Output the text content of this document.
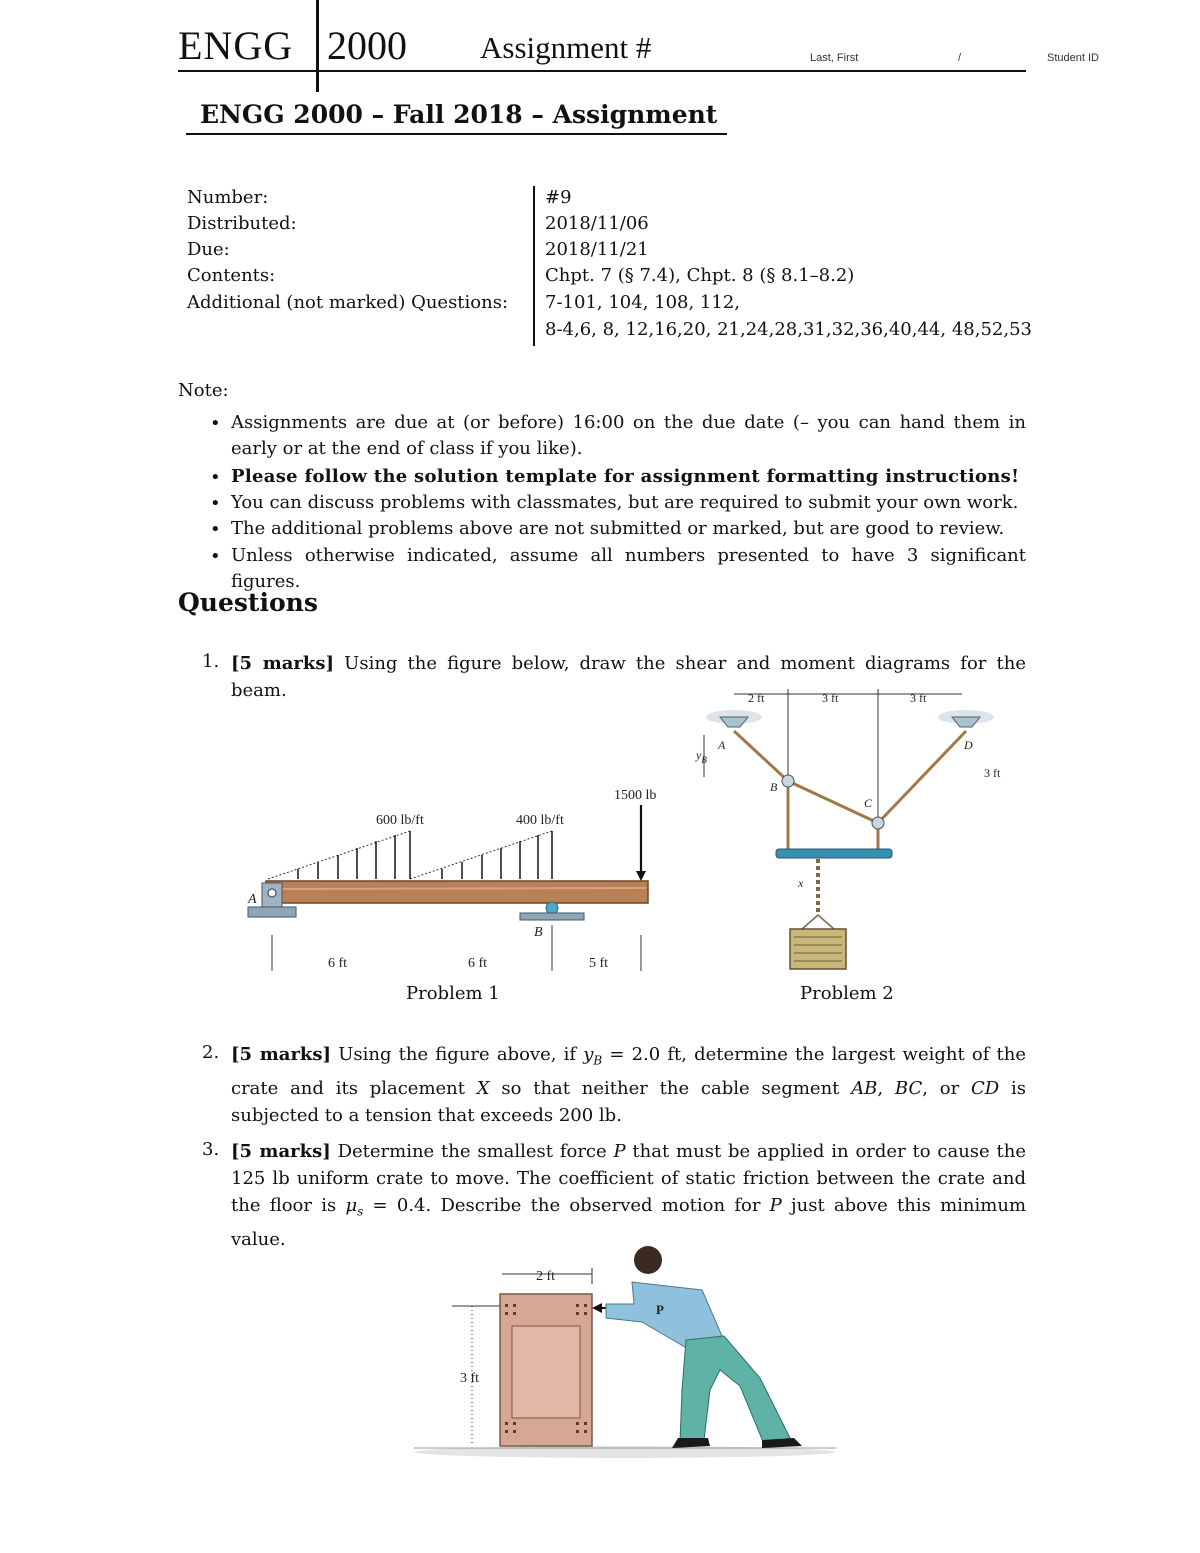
ENGG 2000 Assignment #	Last, First	/	Student ID
ENGG 2000 – Fall 2018 – Assignment
Number:	#9
Distributed:	2018/11/06
Due:	2018/11/21
Contents:	Chpt. 7 (§ 7.4), Chpt. 8 (§ 8.1–8.2)
Additional (not marked) Questions: 7-101, 104, 108, 112,
8-4,6, 8, 12,16,20, 21,24,28,31,32,36,40,44, 48,52,53
Note:
• Assignments are due at (or before) 16:00 on the due date (– you can hand them in early or at the end of class if you like).
• Please follow the solution template for assignment formatting instructions!
• You can discuss problems with classmates, but are required to submit your own work.
• The additional problems above are not submitted or marked, but are good to review.
• Unless otherwise indicated, assume all numbers presented to have 3 significant figures.
Questions
1. [5 marks] Using the figure below, draw the shear and moment diagrams for the beam.
600 lb/ft	400 lb/ft
1500 lb
A
B
6 ft	6 ft	5 ft
Problem 1
2 ft	3 ft	3 ft
3 ft
$y_B$
x
A
B
C
D
Problem 2
2. [5 marks] Using the figure above, if $y_B = 2.0$ ft, determine the largest weight of the crate and its placement X so that neither the cable segment AB, BC, or CD is subjected to a tension that exceeds 200 lb.
3. [5 marks] Determine the smallest force P that must be applied in order to cause the 125 lb uniform crate to move. The coefficient of static friction between the crate and the floor is $\mu_s = 0.4$. Describe the observed motion for P just above this minimum value.
2 ft
3 ft
P
